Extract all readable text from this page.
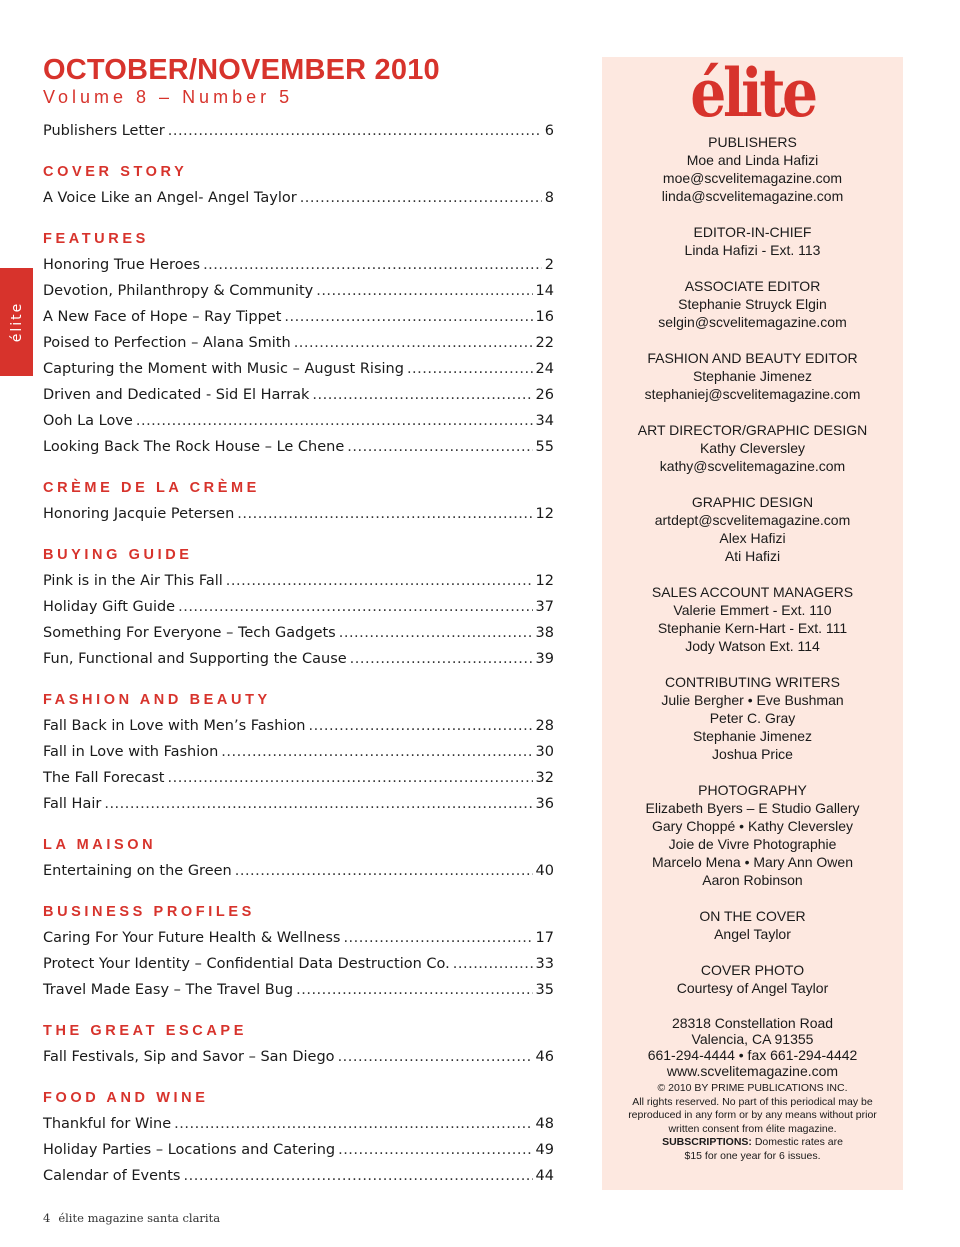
OCTOBER/NOVEMBER 2010
Volume 8 – Number 5
élite
Publishers Letter .....	6
COVER STORY
A Voice Like an Angel- Angel Taylor .....	8
FEATURES
Honoring True Heroes .....	2
Devotion, Philanthropy & Community .....	14
A New Face of Hope – Ray Tippet .....	16
Poised to Perfection – Alana Smith .....	22
Capturing the Moment with Music – August Rising .....	24
Driven and Dedicated - Sid El Harrak .....	26
Ooh La Love .....	34
Looking Back The Rock House – Le Chene .....	55
CRÈME DE LA CRÈME
Honoring Jacquie Petersen .....	12
BUYING GUIDE
Pink is in the Air This Fall .....	12
Holiday Gift Guide .....	37
Something For Everyone – Tech Gadgets .....	38
Fun, Functional and Supporting the Cause .....	39
FASHION AND BEAUTY
Fall Back in Love with Men’s Fashion .....	28
Fall in Love with Fashion .....	30
The Fall Forecast .....	32
Fall Hair .....	36
LA MAISON
Entertaining on the Green .....	40
BUSINESS PROFILES
Caring For Your Future Health & Wellness .....	17
Protect Your Identity – Confidential Data Destruction Co. .....	33
Travel Made Easy – The Travel Bug .....	35
THE GREAT ESCAPE
Fall Festivals, Sip and Savor – San Diego .....	46
FOOD AND WINE
Thankful for Wine .....	48
Holiday Parties – Locations and Catering .....	49
Calendar of Events .....	44
élite
PUBLISHERS
Moe and Linda Hafizi
moe@scvelitemagazine.com
linda@scvelitemagazine.com
EDITOR-IN-CHIEF
Linda Hafizi - Ext. 113
ASSOCIATE EDITOR
Stephanie Struyck Elgin
selgin@scvelitemagazine.com
FASHION AND BEAUTY EDITOR
Stephanie Jimenez
stephaniej@scvelitemagazine.com
ART DIRECTOR/GRAPHIC DESIGN
Kathy Cleversley
kathy@scvelitemagazine.com
GRAPHIC DESIGN
artdept@scvelitemagazine.com
Alex Hafizi
Ati Hafizi
SALES ACCOUNT MANAGERS
Valerie Emmert - Ext. 110
Stephanie Kern-Hart - Ext. 111
Jody Watson Ext. 114
CONTRIBUTING WRITERS
Julie Bergher • Eve Bushman
Peter C. Gray
Stephanie Jimenez
Joshua Price
PHOTOGRAPHY
Elizabeth Byers – E Studio Gallery
Gary Choppé • Kathy Cleversley
Joie de Vivre Photographie
Marcelo Mena • Mary Ann Owen
Aaron Robinson
ON THE COVER
Angel Taylor
COVER PHOTO
Courtesy of Angel Taylor
28318 Constellation Road
Valencia, CA 91355
661-294-4444 • fax 661-294-4442
www.scvelitemagazine.com
© 2010 BY PRIME PUBLICATIONS INC.
All rights reserved. No part of this periodical may be
reproduced in any form or by any means without prior
written consent from élite magazine.
SUBSCRIPTIONS: Domestic rates are
$15 for one year for 6 issues.
4 élite magazine santa clarita
